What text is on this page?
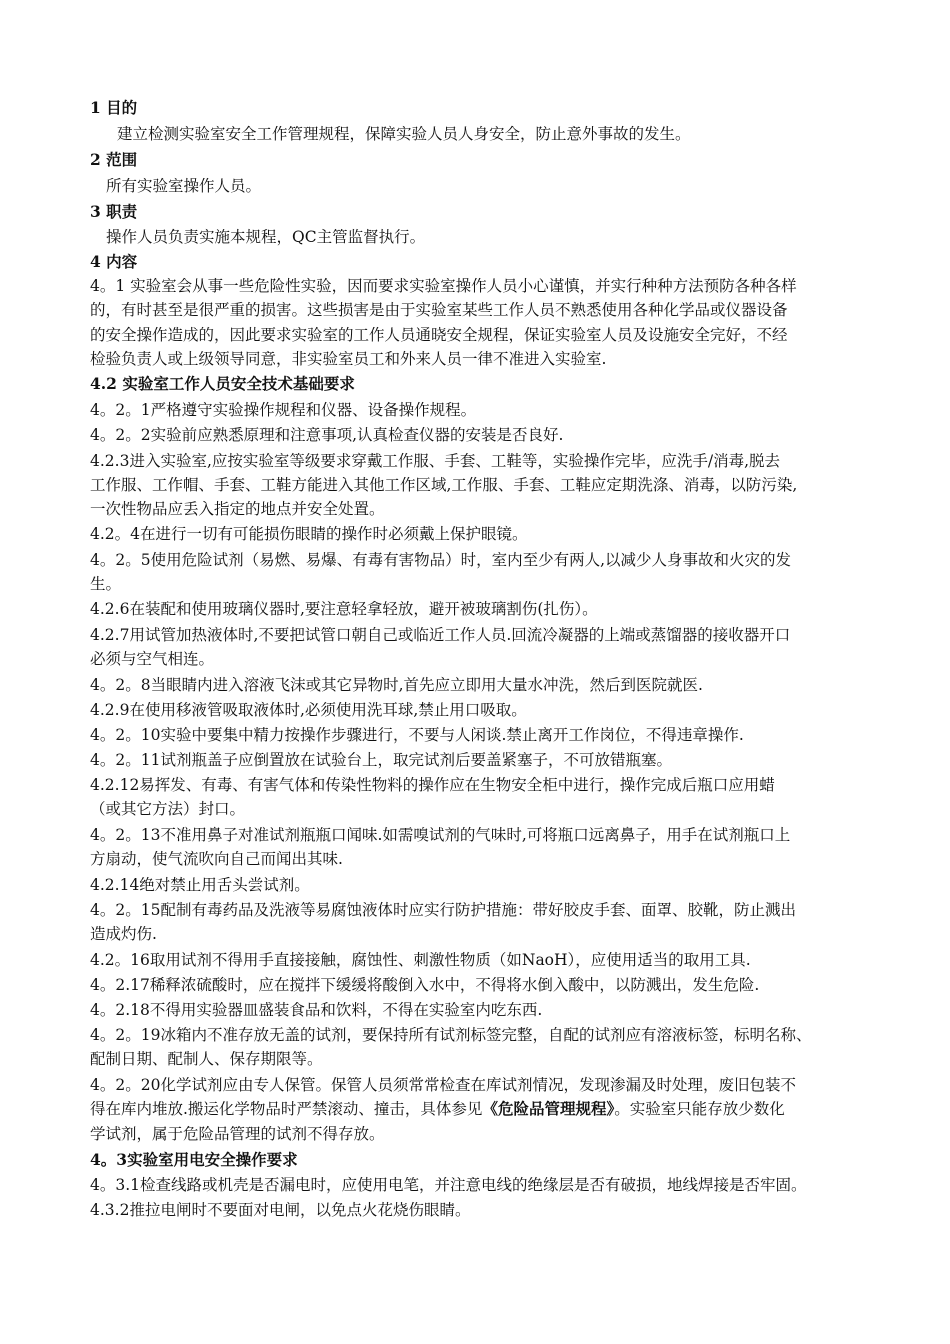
1 目的
建立检测实验室安全工作管理规程，保障实验人员人身安全，防止意外事故的发生。
2 范围
所有实验室操作人员。
3 职责
操作人员负责实施本规程，QC主管监督执行。
4 内容
4。1 实验室会从事一些危险性实验，因而要求实验室操作人员小心谨慎，并实行种种方法预防各种各样
的，有时甚至是很严重的损害。这些损害是由于实验室某些工作人员不熟悉使用各种化学品或仪器设备
的安全操作造成的，因此要求实验室的工作人员通晓安全规程，保证实验室人员及设施安全完好，不经
检验负责人或上级领导同意，非实验室员工和外来人员一律不准进入实验室.
4.2 实验室工作人员安全技术基础要求
4。2。1严格遵守实验操作规程和仪器、设备操作规程。
4。2。2实验前应熟悉原理和注意事项,认真检查仪器的安装是否良好.
4.2.3进入实验室,应按实验室等级要求穿戴工作服、手套、工鞋等，实验操作完毕，应洗手/消毒,脱去
工作服、工作帽、手套、工鞋方能进入其他工作区域,工作服、手套、工鞋应定期洗涤、消毒，以防污染,
一次性物品应丢入指定的地点并安全处置。
4.2。4在进行一切有可能损伤眼睛的操作时必须戴上保护眼镜。
4。2。5使用危险试剂（易燃、易爆、有毒有害物品）时，室内至少有两人,以减少人身事故和火灾的发
生。
4.2.6在装配和使用玻璃仪器时,要注意轻拿轻放，避开被玻璃割伤(扎伤）。
4.2.7用试管加热液体时,不要把试管口朝自己或临近工作人员.回流冷凝器的上端或蒸馏器的接收器开口
必须与空气相连。
4。2。8当眼睛内进入溶液飞沫或其它异物时,首先应立即用大量水冲洗，然后到医院就医.
4.2.9在使用移液管吸取液体时,必须使用洗耳球,禁止用口吸取。
4。2。10实验中要集中精力按操作步骤进行，不要与人闲谈.禁止离开工作岗位，不得违章操作.
4。2。11试剂瓶盖子应倒置放在试验台上，取完试剂后要盖紧塞子，不可放错瓶塞。
4.2.12易挥发、有毒、有害气体和传染性物料的操作应在生物安全柜中进行，操作完成后瓶口应用蜡
（或其它方法）封口。
4。2。13不准用鼻子对准试剂瓶瓶口闻味.如需嗅试剂的气味时,可将瓶口远离鼻子，用手在试剂瓶口上
方扇动，使气流吹向自己而闻出其味.
4.2.14绝对禁止用舌头尝试剂。
4。2。15配制有毒药品及洗液等易腐蚀液体时应实行防护措施：带好胶皮手套、面罩、胶靴，防止溅出
造成灼伤.
4.2。16取用试剂不得用手直接接触，腐蚀性、刺激性物质（如NaoH），应使用适当的取用工具.
4。2.17稀释浓硫酸时，应在搅拌下缓缓将酸倒入水中，不得将水倒入酸中，以防溅出，发生危险.
4。2.18不得用实验器皿盛装食品和饮料，不得在实验室内吃东西.
4。2。19冰箱内不准存放无盖的试剂，要保持所有试剂标签完整，自配的试剂应有溶液标签，标明名称、
配制日期、配制人、保存期限等。
4。2。20化学试剂应由专人保管。保管人员须常常检查在库试剂情况，发现渗漏及时处理，废旧包装不
得在库内堆放.搬运化学物品时严禁滚动、撞击，具体参见《危险品管理规程》。实验室只能存放少数化
学试剂，属于危险品管理的试剂不得存放。
4。3实验室用电安全操作要求
4。3.1检查线路或机壳是否漏电时，应使用电笔，并注意电线的绝缘层是否有破损，地线焊接是否牢固。
4.3.2推拉电闸时不要面对电闸，以免点火花烧伤眼睛。
